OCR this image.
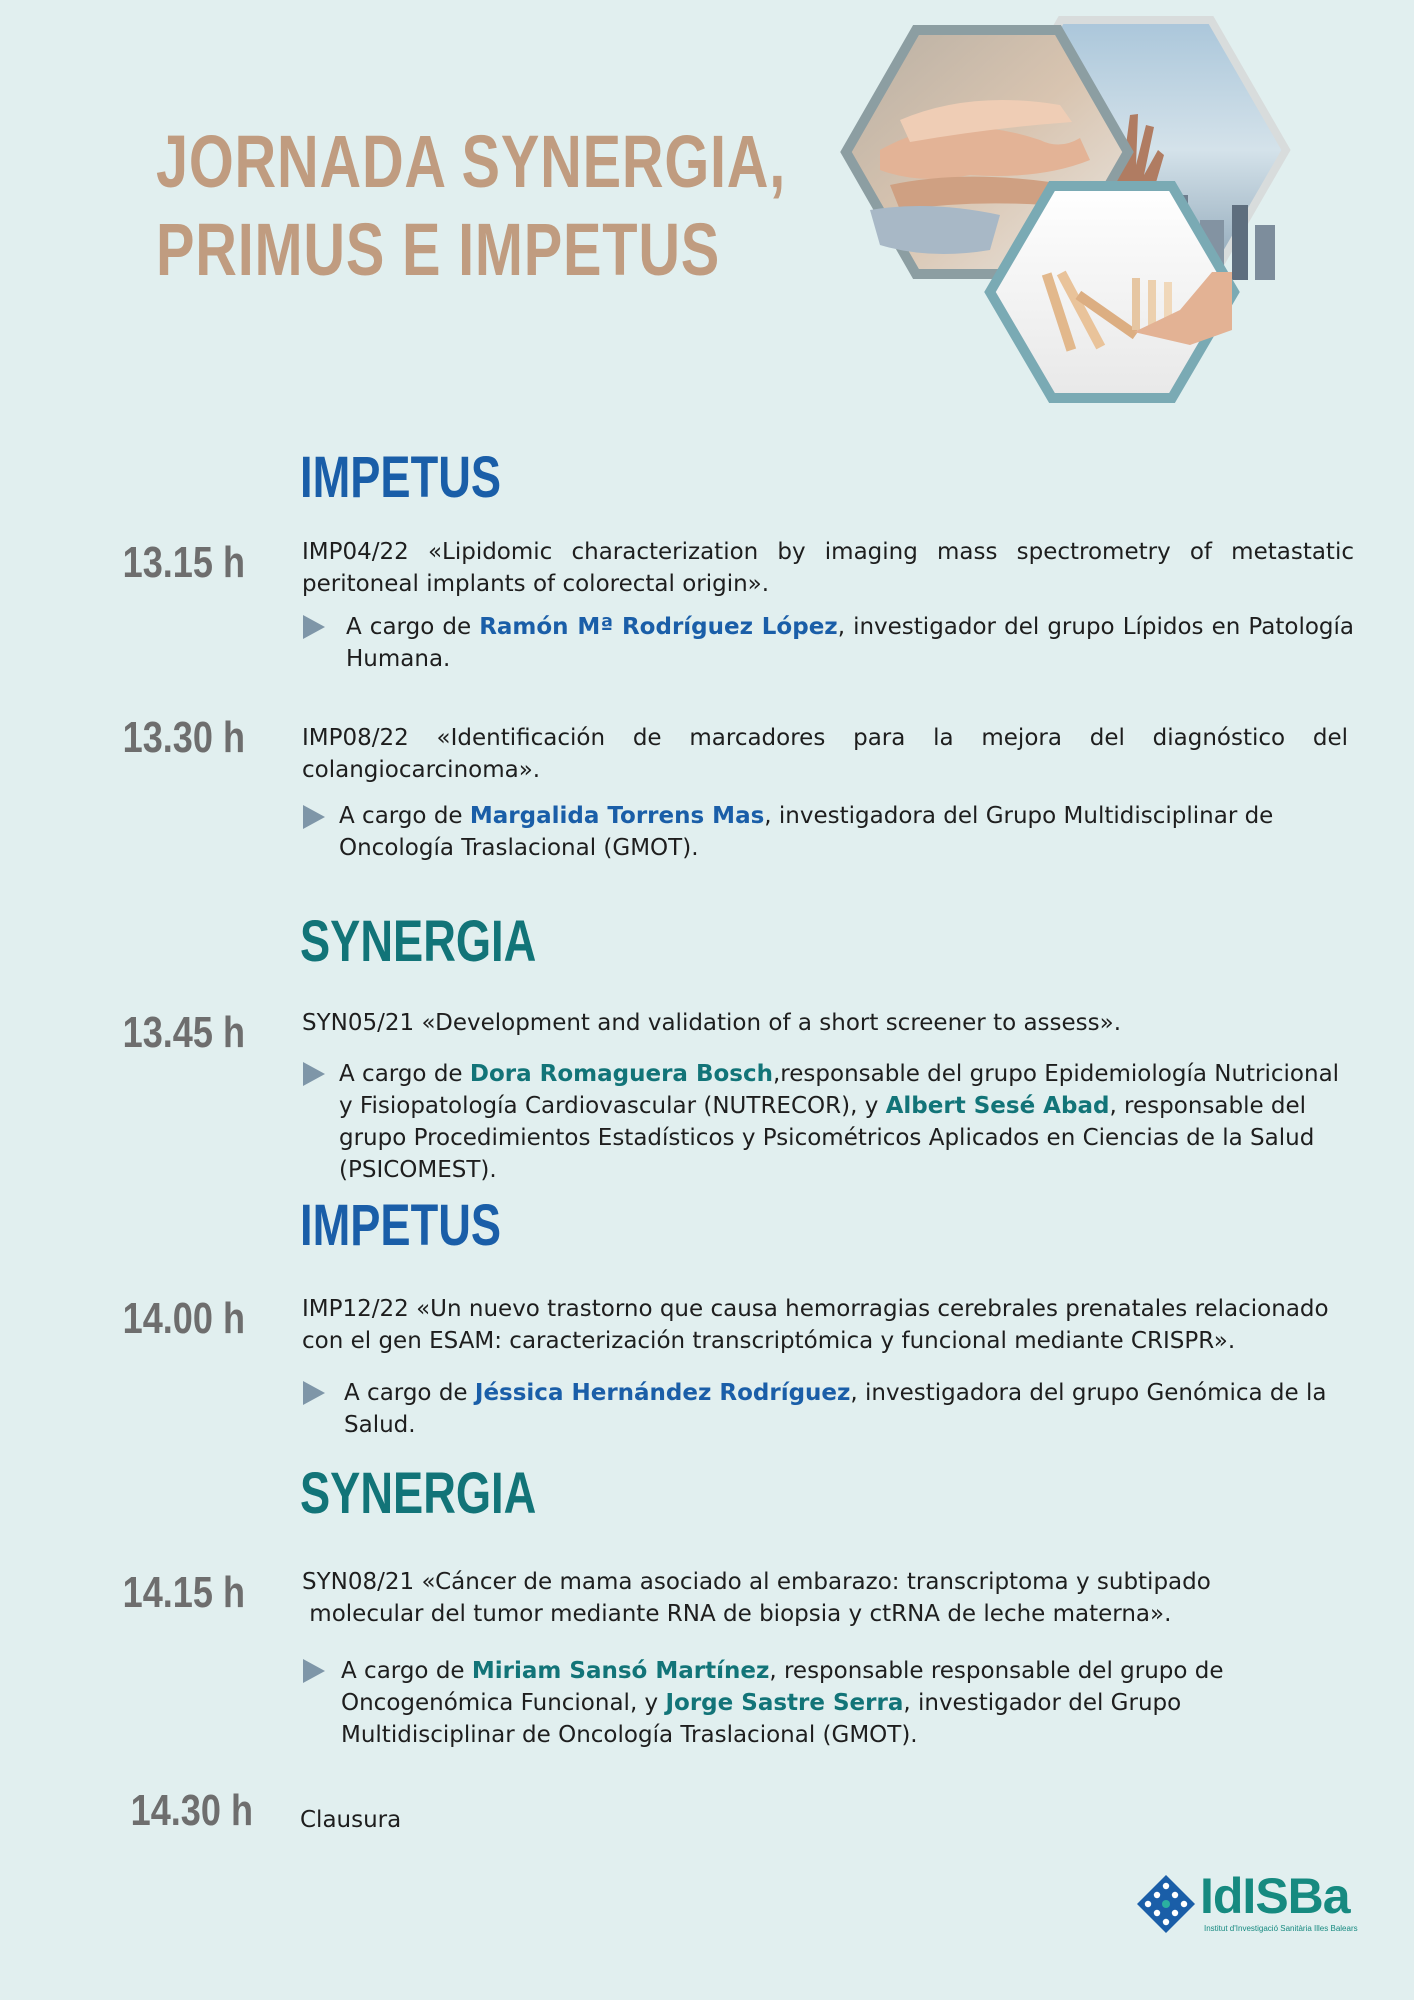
JORNADA SYNERGIA,
PRIMUS E IMPETUS
IMPETUS
SYNERGIA
IMPETUS
SYNERGIA
13.15 h IMP04/22 «Lipidomic characterization by imaging mass spectrometry of metastatic peritoneal implants of colorectal origin».
A cargo de Ramón Mª Rodríguez López, investigador del grupo Lípidos en Patología Humana.
13.30 h IMP08/22 «Identificación de marcadores para la mejora del diagnóstico del colangiocarcinoma».
A cargo de Margalida Torrens Mas, investigadora del Grupo Multidisciplinar de Oncología Traslacional (GMOT).
13.45 h SYN05/21 «Development and validation of a short screener to assess».
A cargo de Dora Romaguera Bosch,responsable del grupo Epidemiología Nutricional y Fisiopatología Cardiovascular (NUTRECOR), y Albert Sesé Abad, responsable del grupo Procedimientos Estadísticos y Psicométricos Aplicados en Ciencias de la Salud (PSICOMEST).
14.00 h IMP12/22 «Un nuevo trastorno que causa hemorragias cerebrales prenatales relacionado con el gen ESAM: caracterización transcriptómica y funcional mediante CRISPR».
A cargo de Jéssica Hernández Rodríguez, investigadora del grupo Genómica de la Salud.
14.15 h SYN08/21 «Cáncer de mama asociado al embarazo: transcriptoma y subtipado
molecular del tumor mediante RNA de biopsia y ctRNA de leche materna».
A cargo de Miriam Sansó Martínez, responsable responsable del grupo de Oncogenómica Funcional, y Jorge Sastre Serra, investigador del Grupo Multidisciplinar de Oncología Traslacional (GMOT).
14.30 h Clausura
IdISBa
Institut d'Investigació Sanitària Illes Balears
